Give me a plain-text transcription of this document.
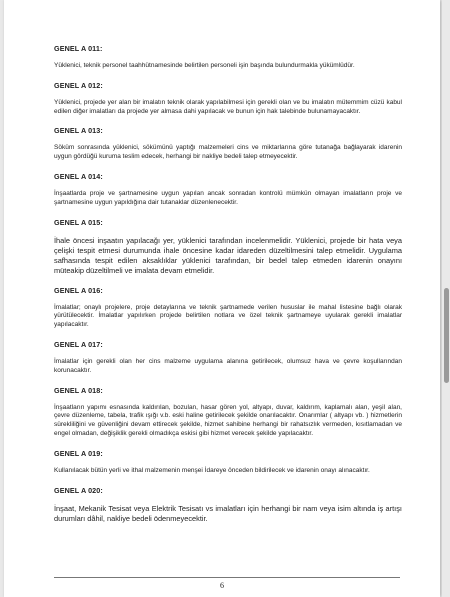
GENEL A 011:

Yüklenici, teknik personel taahhütnamesinde belirtilen personeli işin başında bulundurmakla yükümlüdür.

GENEL A 012:

Yüklenici, projede yer alan bir imalatın teknik olarak yapılabilmesi için gerekli olan ve bu imalatın mütemmim cüzü kabul edilen diğer imalatları da projede yer almasa dahi yapılacak ve bunun için hak talebinde bulunamayacaktır.

GENEL A 013:

Söküm sonrasında yüklenici, sökümünü yaptığı malzemeleri cins ve miktarlarına göre tutanağa bağlayarak idarenin uygun gördüğü kuruma teslim edecek, herhangi bir nakliye bedeli talep etmeyecektir.

GENEL A 014:

İnşaatlarda proje ve şartnamesine uygun yapılan ancak sonradan kontrolü mümkün olmayan imalatların proje ve şartnamesine uygun yapıldığına dair tutanaklar düzenlenecektir.

GENEL A 015:

İhale öncesi inşaatın yapılacağı yer, yüklenici tarafından incelenmelidir. Yüklenici, projede bir hata veya çelişki tespit etmesi durumunda ihale öncesine kadar idareden düzeltilmesini talep etmelidir. Uygulama safhasında tespit edilen aksaklıklar yüklenici tarafından, bir bedel talep etmeden idarenin onayını müteakip düzeltilmeli ve imalata devam etmelidir.

GENEL A 016:

İmalatlar; onaylı projelere, proje detaylarına ve teknik şartnamede verilen hususlar ile mahal listesine bağlı olarak yürütülecektir. İmalatlar yapılırken projede belirtilen notlara ve özel teknik şartnameye uyularak gerekli imalatlar yapılacaktır.

GENEL A 017:

İmalatlar için gerekli olan her cins malzeme uygulama alanına getirilecek, olumsuz hava ve çevre koşullarından korunacaktır.

GENEL A 018:

İnşaatların yapımı esnasında kaldırılan, bozulan, hasar gören yol, altyapı, duvar, kaldırım, kaplamalı alan, yeşil alan, çevre düzenleme, tabela, trafik ışığı v.b. eski haline getirilecek şekilde onarılacaktır. Onarımlar ( altyapı vb. ) hizmetlerin sürekliliğini ve güvenliğini devam ettirecek şekilde, hizmet sahibine herhangi bir rahatsızlık vermeden, kısıtlamadan ve engel olmadan, değişiklik gerekli olmadıkça eskisi gibi hizmet verecek şekilde yapılacaktır.

GENEL A 019:

Kullanılacak bütün yerli ve ithal malzemenin menşei İdareye önceden bildirilecek ve idarenin onayı alınacaktır.

GENEL A 020:

İnşaat, Mekanik Tesisat veya Elektrik Tesisatı vs imalatları için herhangi bir nam veya isim altında iş artışı durumları dâhil, nakliye bedeli ödenmeyecektir.

6
